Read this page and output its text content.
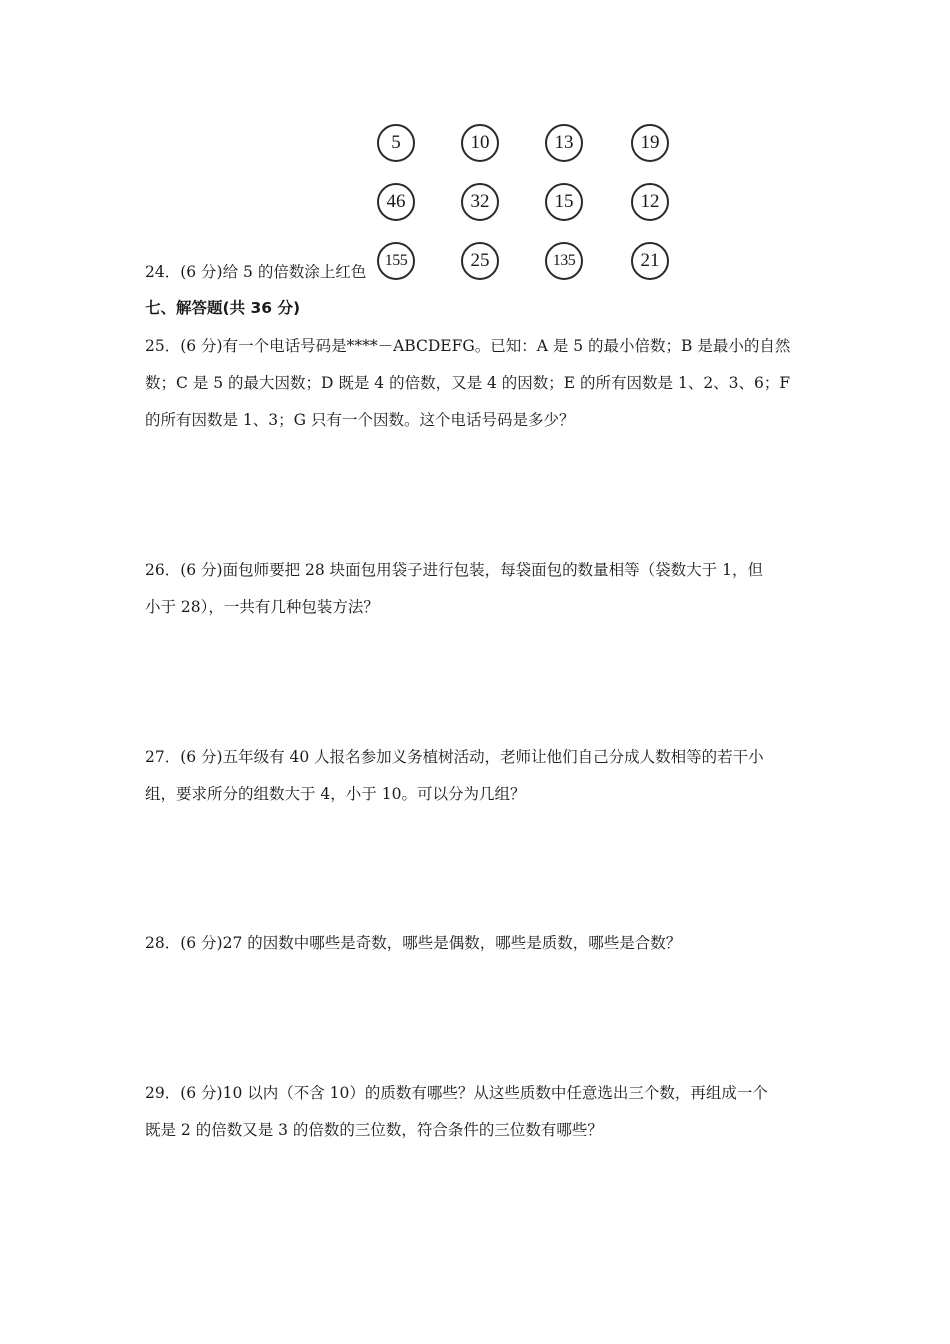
5	10	13	19
46	32	15	12
155	25	135	21
24．(6 分)给 5 的倍数涂上红色
七、解答题(共 36 分)
25．(6 分)有一个电话号码是****－ABCDEFG。已知：A 是 5 的最小倍数；B 是最小的自然
数；C 是 5 的最大因数；D 既是 4 的倍数，又是 4 的因数；E 的所有因数是 1、2、3、6；F
的所有因数是 1、3；G 只有一个因数。这个电话号码是多少？
26．(6 分)面包师要把 28 块面包用袋子进行包装，每袋面包的数量相等（袋数大于 1，但
小于 28），一共有几种包装方法？
27．(6 分)五年级有 40 人报名参加义务植树活动，老师让他们自己分成人数相等的若干小
组，要求所分的组数大于 4，小于 10。可以分为几组？
28．(6 分)27 的因数中哪些是奇数，哪些是偶数，哪些是质数，哪些是合数？
29．(6 分)10 以内（不含 10）的质数有哪些？从这些质数中任意选出三个数，再组成一个
既是 2 的倍数又是 3 的倍数的三位数，符合条件的三位数有哪些？
